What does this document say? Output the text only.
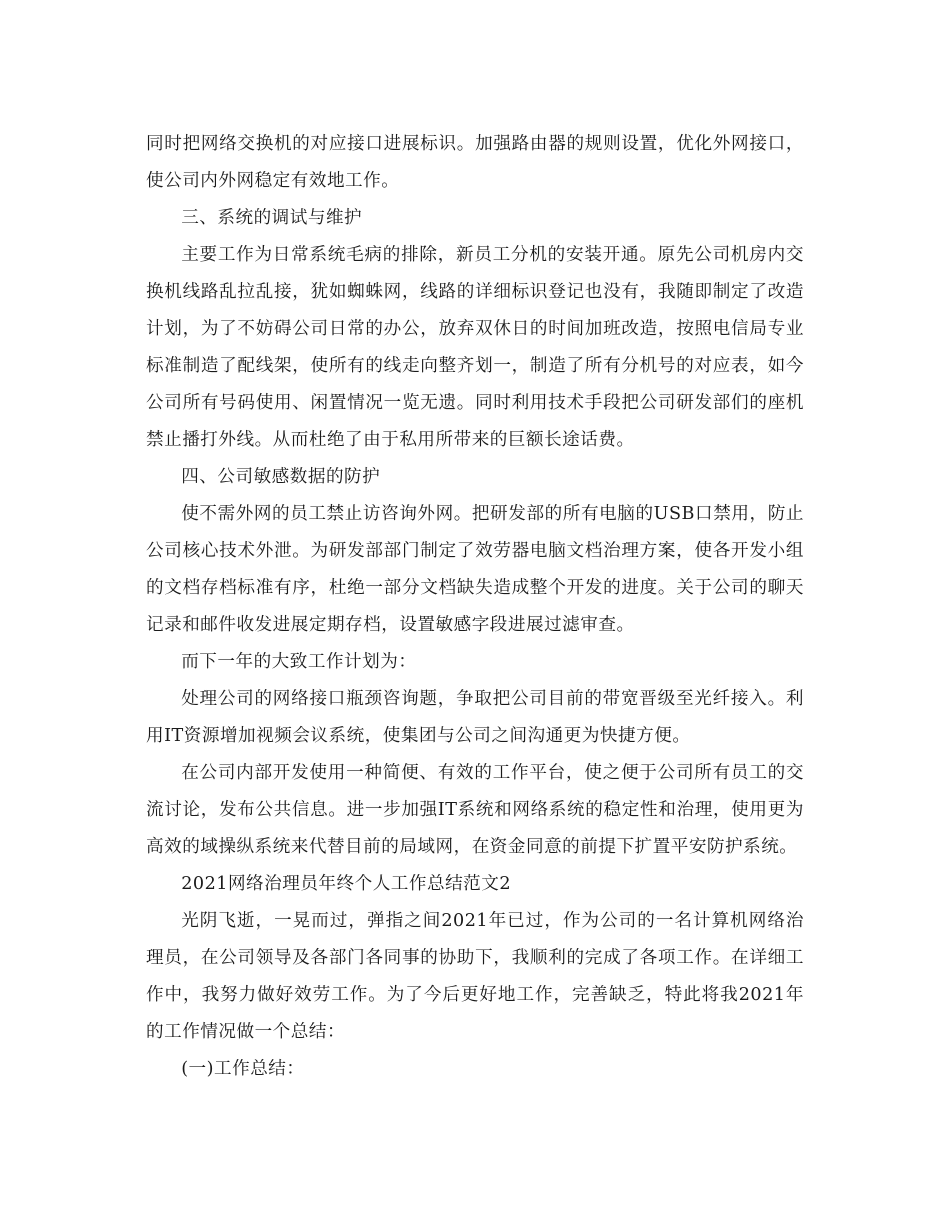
同时把网络交换机的对应接口进展标识。加强路由器的规则设置，优化外网接口，使公司内外网稳定有效地工作。

三、系统的调试与维护

主要工作为日常系统毛病的排除，新员工分机的安装开通。原先公司机房内交换机线路乱拉乱接，犹如蜘蛛网，线路的详细标识登记也没有，我随即制定了改造计划，为了不妨碍公司日常的办公，放弃双休日的时间加班改造，按照电信局专业标准制造了配线架，使所有的线走向整齐划一，制造了所有分机号的对应表，如今公司所有号码使用、闲置情况一览无遗。同时利用技术手段把公司研发部们的座机禁止播打外线。从而杜绝了由于私用所带来的巨额长途话费。

四、公司敏感数据的防护

使不需外网的员工禁止访咨询外网。把研发部的所有电脑的USB口禁用，防止公司核心技术外泄。为研发部部门制定了效劳器电脑文档治理方案，使各开发小组的文档存档标准有序，杜绝一部分文档缺失造成整个开发的进度。关于公司的聊天记录和邮件收发进展定期存档，设置敏感字段进展过滤审查。

而下一年的大致工作计划为：

处理公司的网络接口瓶颈咨询题，争取把公司目前的带宽晋级至光纤接入。利用IT资源增加视频会议系统，使集团与公司之间沟通更为快捷方便。

在公司内部开发使用一种简便、有效的工作平台，使之便于公司所有员工的交流讨论，发布公共信息。进一步加强IT系统和网络系统的稳定性和治理，使用更为高效的域操纵系统来代替目前的局域网，在资金同意的前提下扩置平安防护系统。

2021网络治理员年终个人工作总结范文2

光阴飞逝，一晃而过，弹指之间2021年已过，作为公司的一名计算机网络治理员，在公司领导及各部门各同事的协助下，我顺利的完成了各项工作。在详细工作中，我努力做好效劳工作。为了今后更好地工作，完善缺乏，特此将我2021年的工作情况做一个总结：

(一)工作总结：
